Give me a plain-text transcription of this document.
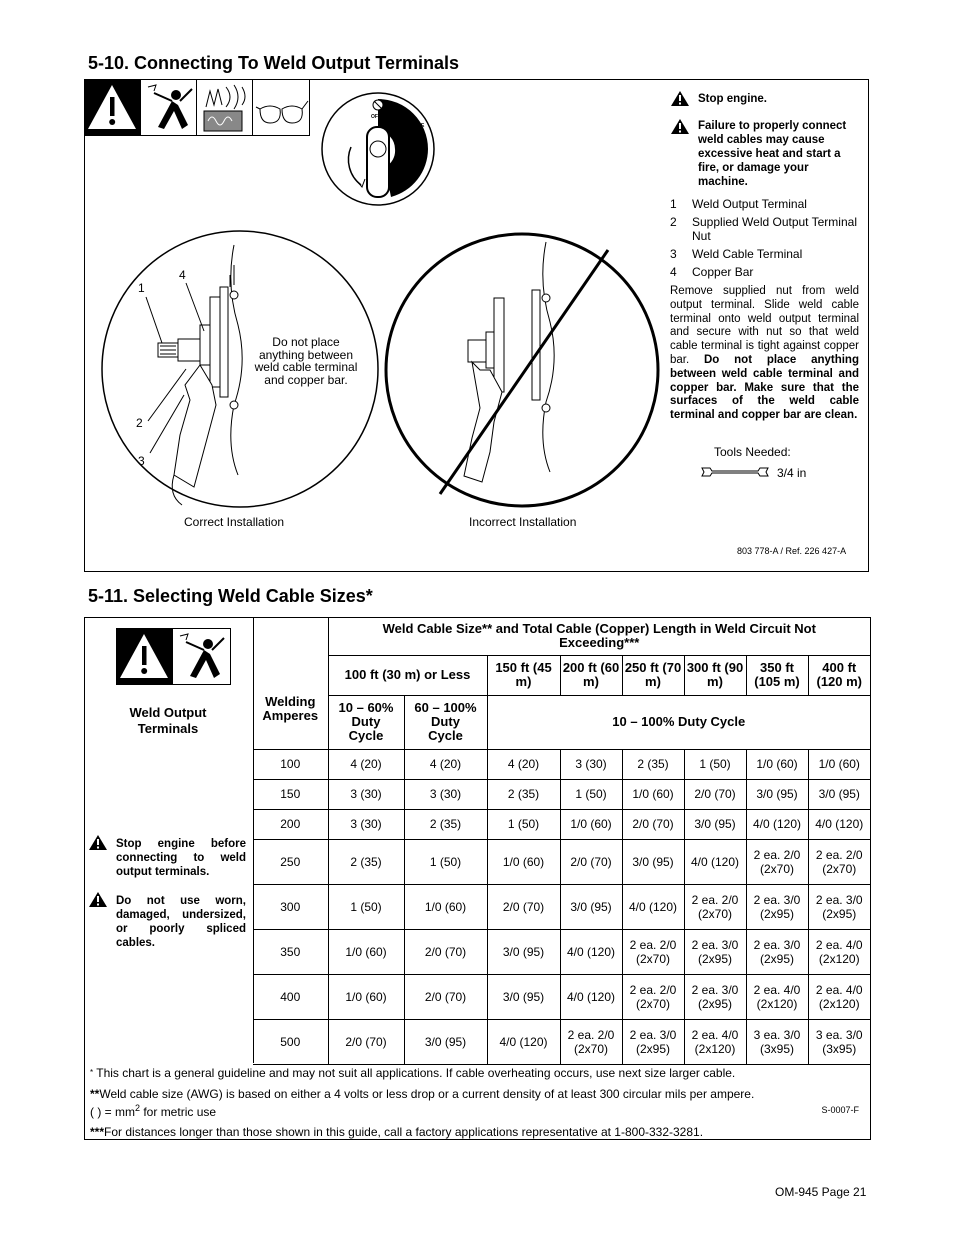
5-10. Connecting To Weld Output Terminals
OFF
RUN / IDLE
RUN
START
1
4
2
3
Do not place anything between weld cable terminal and copper bar.
Correct Installation	Incorrect Installation
803 778-A / Ref. 226 427-A
Stop engine.
Failure to properly connect weld cables may cause excessive heat and start a fire, or damage your machine.
1	Weld Output Terminal
2	Supplied Weld Output Terminal Nut
3	Weld Cable Terminal
4	Copper Bar
Remove supplied nut from weld output terminal. Slide weld cable terminal onto weld output terminal and secure with nut so that weld cable terminal is tight against copper bar. Do not place anything between weld cable terminal and copper bar. Make sure that the surfaces of the weld cable terminal and copper bar are clean.
Tools Needed:
3/4 in
5-11. Selecting Weld Cable Sizes*
Weld Output Terminals
Stop engine before connecting to weld output terminals.
Do not use worn, damaged, undersized, or poorly spliced cables.
Welding Amperes	Weld Cable Size** and Total Cable (Copper) Length in Weld Circuit Not Exceeding***							
	100 ft (30 m) or Less		150 ft (45 m)	200 ft (60 m)	250 ft (70 m)	300 ft (90 m)	350 ft (105 m)	400 ft (120 m)
	10 – 60% Duty Cycle	60 – 100% Duty Cycle	10 – 100% Duty Cycle					
100	4 (20)	4 (20)	4 (20)	3 (30)	2 (35)	1 (50)	1/0 (60)	1/0 (60)
150	3 (30)	3 (30)	2 (35)	1 (50)	1/0 (60)	2/0 (70)	3/0 (95)	3/0 (95)
200	3 (30)	2 (35)	1 (50)	1/0 (60)	2/0 (70)	3/0 (95)	4/0 (120)	4/0 (120)
250	2 (35)	1 (50)	1/0 (60)	2/0 (70)	3/0 (95)	4/0 (120)	2 ea. 2/0 (2x70)	2 ea. 2/0 (2x70)
300	1 (50)	1/0 (60)	2/0 (70)	3/0 (95)	4/0 (120)	2 ea. 2/0 (2x70)	2 ea. 3/0 (2x95)	2 ea. 3/0 (2x95)
350	1/0 (60)	2/0 (70)	3/0 (95)	4/0 (120)	2 ea. 2/0 (2x70)	2 ea. 3/0 (2x95)	2 ea. 3/0 (2x95)	2 ea. 4/0 (2x120)
400	1/0 (60)	2/0 (70)	3/0 (95)	4/0 (120)	2 ea. 2/0 (2x70)	2 ea. 3/0 (2x95)	2 ea. 4/0 (2x120)	2 ea. 4/0 (2x120)
500	2/0 (70)	3/0 (95)	4/0 (120)	2 ea. 2/0 (2x70)	2 ea. 3/0 (2x95)	2 ea. 4/0 (2x120)	3 ea. 3/0 (3x95)	3 ea. 3/0 (3x95)
* This chart is a general guideline and may not suit all applications. If cable overheating occurs, use next size larger cable.
**Weld cable size (AWG) is based on either a 4 volts or less drop or a current density of at least 300 circular mils per ampere.
( ) = $mm^2$ for metric use	S-0007-F
***For distances longer than those shown in this guide, call a factory applications representative at 1-800-332-3281.
OM-945 Page 21
